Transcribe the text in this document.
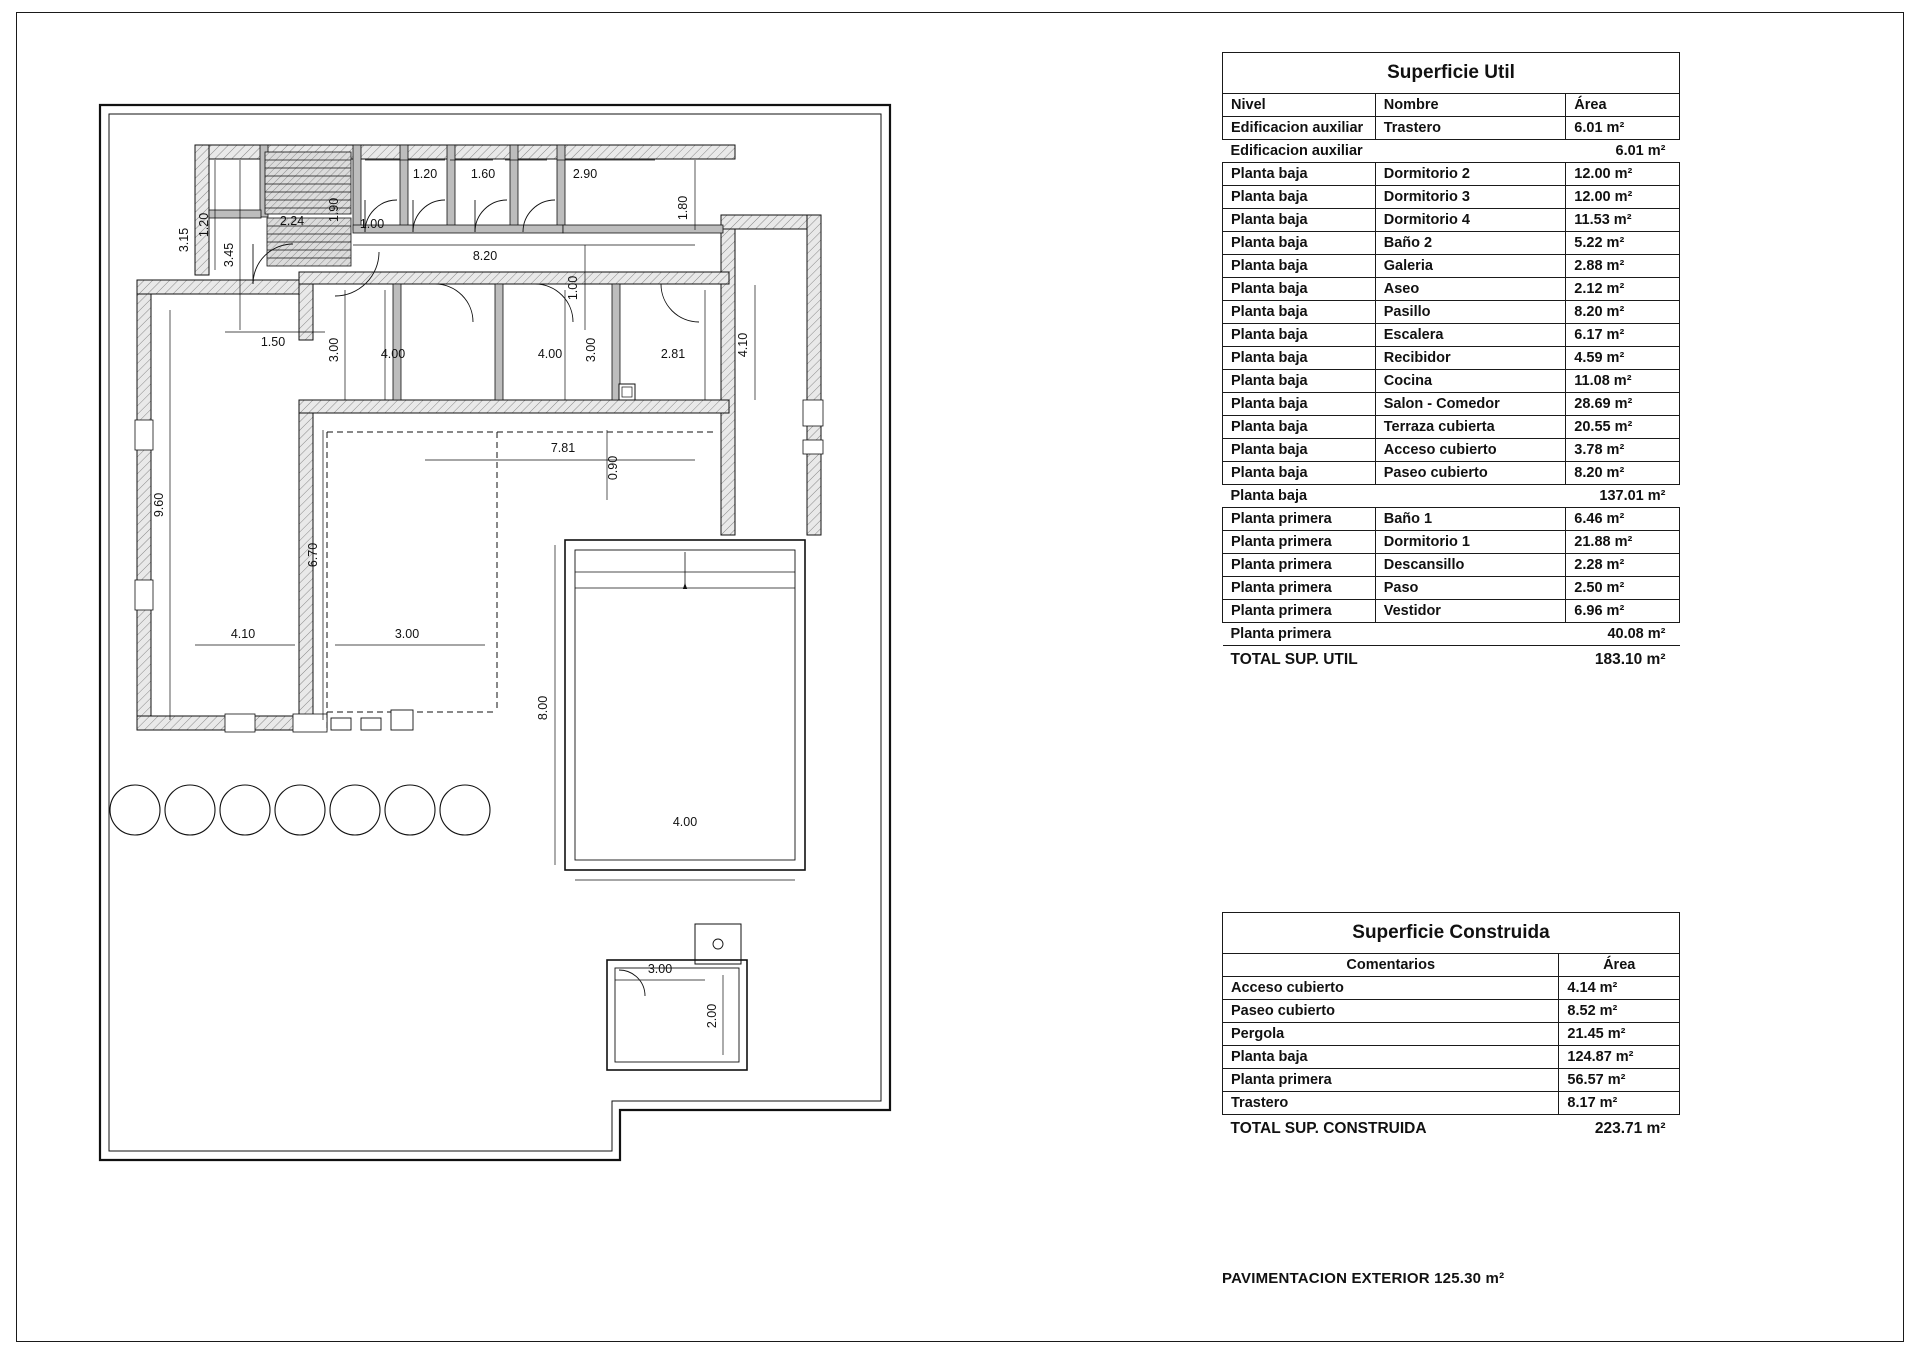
3.15
1.20
3.45
2.24 1.90
1.00
1.20	1.60	2.90
1.80
8.20
1.00
1.50	3.00	4.00	4.00 3.00	2.81	4.10
7.81
0.90
9.60
6.70
4.10	3.00
8.00
4.00
3.00
2.00
Superficie Util		
Nivel	Nombre	Área
Edificacion auxiliar	Trastero	6.01 m²
Edificacion auxiliar		6.01 m²
Planta baja	Dormitorio 2	12.00 m²
Planta baja	Dormitorio 3	12.00 m²
Planta baja	Dormitorio 4	11.53 m²
Planta baja	Baño 2	5.22 m²
Planta baja	Galeria	2.88 m²
Planta baja	Aseo	2.12 m²
Planta baja	Pasillo	8.20 m²
Planta baja	Escalera	6.17 m²
Planta baja	Recibidor	4.59 m²
Planta baja	Cocina	11.08 m²
Planta baja	Salon - Comedor	28.69 m²
Planta baja	Terraza cubierta	20.55 m²
Planta baja	Acceso cubierto	3.78 m²
Planta baja	Paseo cubierto	8.20 m²
Planta baja		137.01 m²
Planta primera	Baño 1	6.46 m²
Planta primera	Dormitorio 1	21.88 m²
Planta primera	Descansillo	2.28 m²
Planta primera	Paso	2.50 m²
Planta primera	Vestidor	6.96 m²
Planta primera		40.08 m²
TOTAL SUP. UTIL		183.10 m²
Superficie Construida	
Comentarios	Área
Acceso cubierto	4.14 m²
Paseo cubierto	8.52 m²
Pergola	21.45 m²
Planta baja	124.87 m²
Planta primera	56.57 m²
Trastero	8.17 m²
TOTAL SUP. CONSTRUIDA	223.71 m²
PAVIMENTACION EXTERIOR 125.30 m²
